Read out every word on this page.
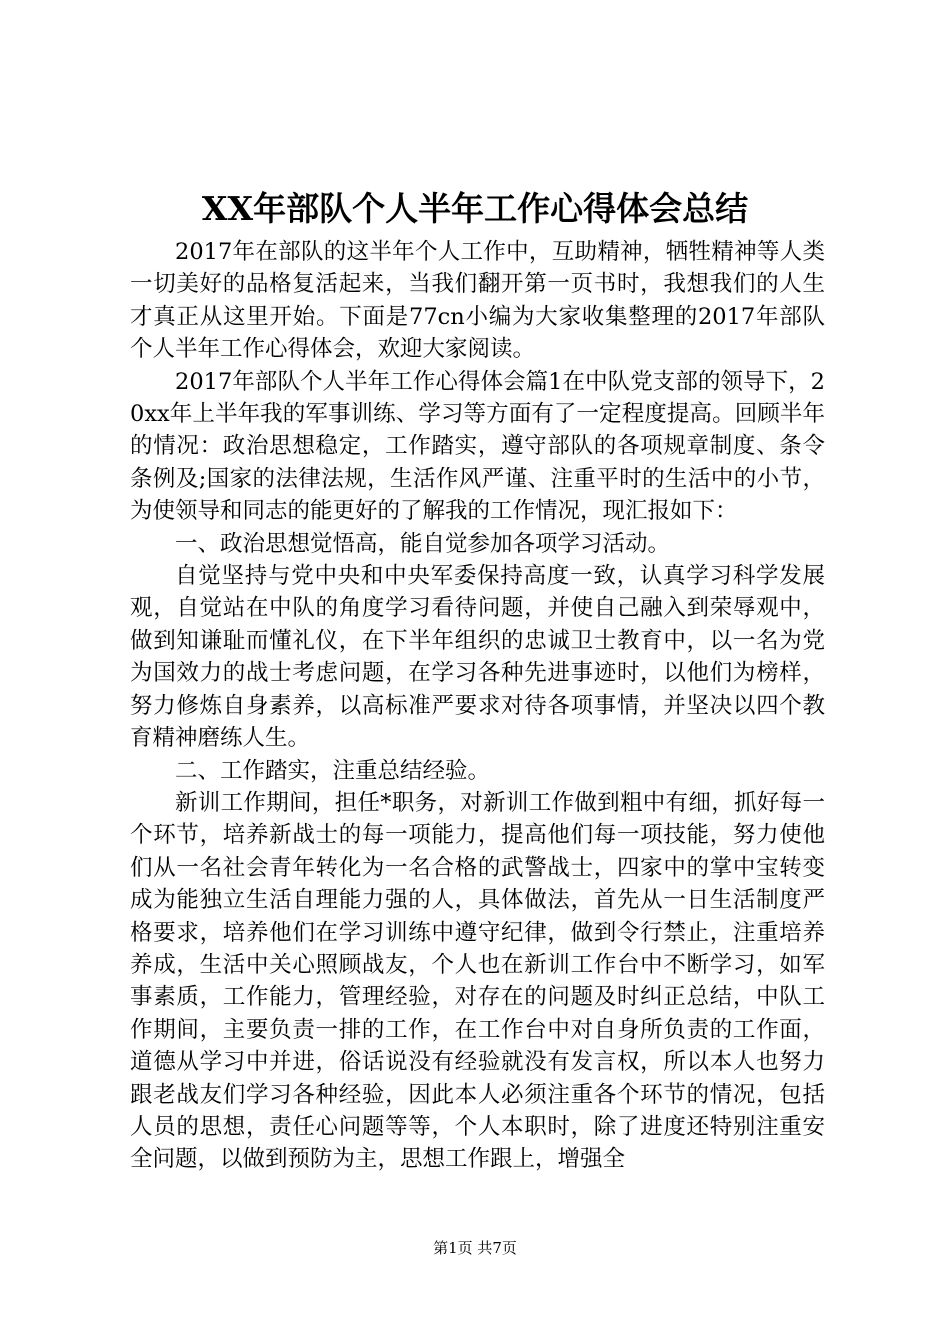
XX年部队个人半年工作心得体会总结

2017年在部队的这半年个人工作中，互助精神，牺牲精神等人类一切美好的品格复活起来，当我们翻开第一页书时，我想我们的人生才真正从这里开始。下面是77cn小编为大家收集整理的2017年部队个人半年工作心得体会，欢迎大家阅读。

2017年部队个人半年工作心得体会篇1在中队党支部的领导下，20xx年上半年我的军事训练、学习等方面有了一定程度提高。回顾半年的情况：政治思想稳定，工作踏实，遵守部队的各项规章制度、条令条例及;国家的法律法规，生活作风严谨、注重平时的生活中的小节，为使领导和同志的能更好的了解我的工作情况，现汇报如下：

一、政治思想觉悟高，能自觉参加各项学习活动。

自觉坚持与党中央和中央军委保持高度一致，认真学习科学发展观，自觉站在中队的角度学习看待问题，并使自己融入到荣辱观中，做到知谦耻而懂礼仪，在下半年组织的忠诚卫士教育中，以一名为党为国效力的战士考虑问题，在学习各种先进事迹时，以他们为榜样，努力修炼自身素养，以高标准严要求对待各项事情，并坚决以四个教育精神磨练人生。

二、工作踏实，注重总结经验。

新训工作期间，担任*职务，对新训工作做到粗中有细，抓好每一个环节，培养新战士的每一项能力，提高他们每一项技能，努力使他们从一名社会青年转化为一名合格的武警战士，四家中的掌中宝转变成为能独立生活自理能力强的人，具体做法，首先从一日生活制度严格要求，培养他们在学习训练中遵守纪律，做到令行禁止，注重培养养成，生活中关心照顾战友，个人也在新训工作台中不断学习，如军事素质，工作能力，管理经验，对存在的问题及时纠正总结，中队工作期间，主要负责一排的工作，在工作台中对自身所负责的工作面，道德从学习中并进，俗话说没有经验就没有发言权，所以本人也努力跟老战友们学习各种经验，因此本人必须注重各个环节的情况，包括人员的思想，责任心问题等等，个人本职时，除了进度还特别注重安全问题，以做到预防为主，思想工作跟上，增强全

第1页 共7页
